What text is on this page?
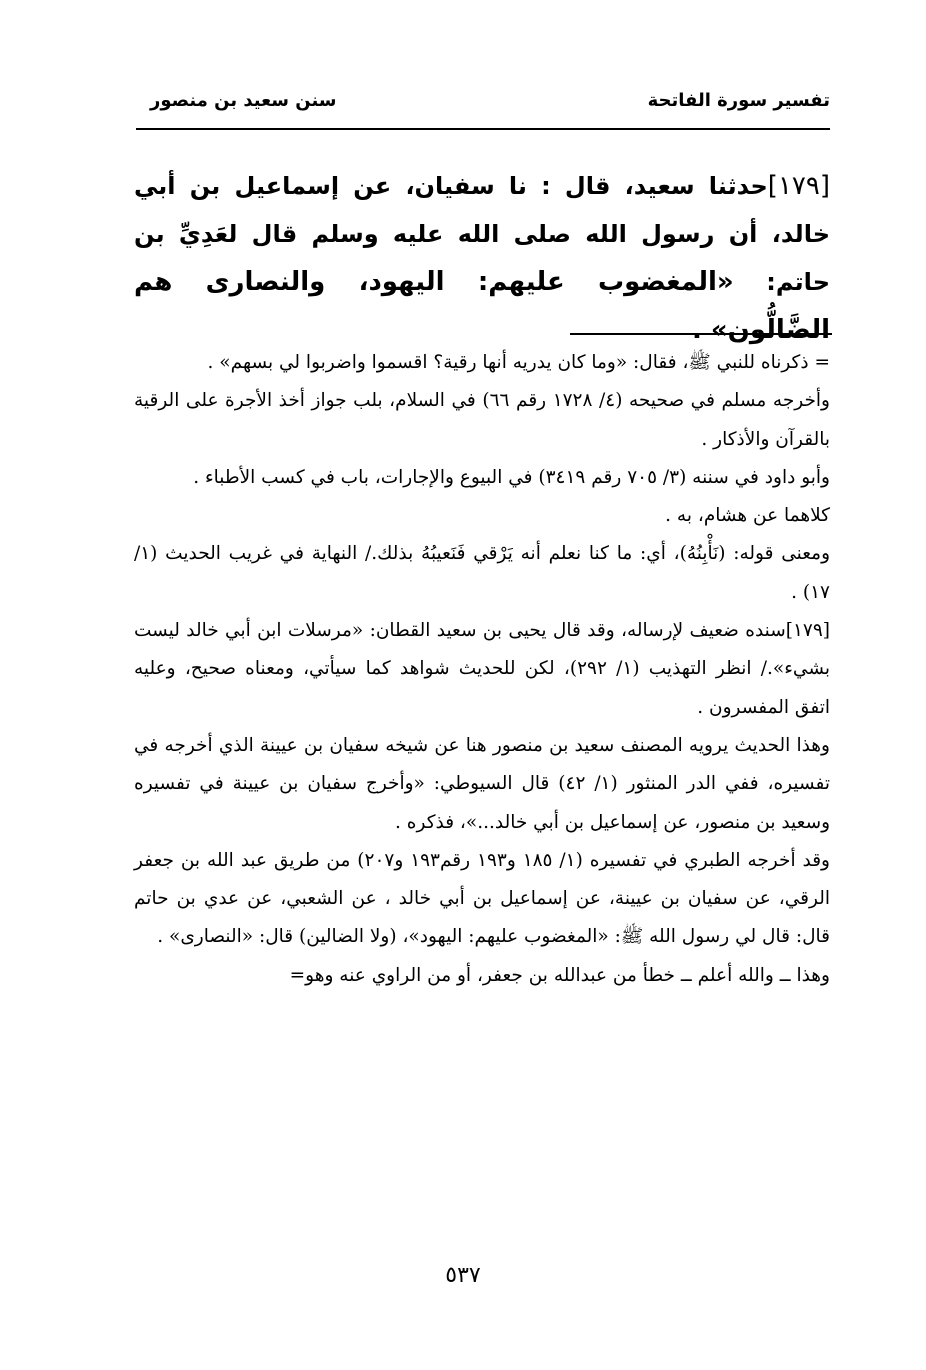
تفسير سورة الفاتحة
سنن سعيد بن منصور
[١٧٩]حدثنا سعيد، قال : نا سفيان، عن إسماعيل بن أبي خالد، أن رسول الله صلى الله عليه وسلم قال لعَدِيِّ بن حاتم: «المغضوب عليهم: اليهود، والنصارى هم الضَّالُّون» .

= ذكرناه للنبي ﷺ، فقال: «وما كان يدريه أنها رقية؟ اقسموا واضربوا لي بسهم» .

وأخرجه مسلم في صحيحه (٤/ ١٧٢٨ رقم ٦٦) في السلام، بلب جواز أخذ الأجرة على الرقية بالقرآن والأذكار .

وأبو داود في سننه (٣/ ٧٠٥ رقم ٣٤١٩) في البيوع والإجارات، باب في كسب الأطباء .

كلاهما عن هشام، به .

ومعنى قوله: (نَأْبِنُهُ)، أي: ما كنا نعلم أنه يَرْقي فَنَعيبُهُ بذلك./ النهاية في غريب الحديث (١/ ١٧) .

[١٧٩]سنده ضعيف لإرساله، وقد قال يحيى بن سعيد القطان: «مرسلات ابن أبي خالد ليست بشيء»./ انظر التهذيب (١/ ٢٩٢)، لكن للحديث شواهد كما سيأتي، ومعناه صحيح، وعليه اتفق المفسرون .

وهذا الحديث يرويه المصنف سعيد بن منصور هنا عن شيخه سفيان بن عيينة الذي أخرجه في تفسيره، ففي الدر المنثور (١/ ٤٢) قال السيوطي: «وأخرج سفيان بن عيينة في تفسيره وسعيد بن منصور، عن إسماعيل بن أبي خالد...»، فذكره .

وقد أخرجه الطبري في تفسيره (١/ ١٨٥ و١٩٣ رقم١٩٣ و٢٠٧) من طريق عبد الله بن جعفر الرقي، عن سفيان بن عيينة، عن إسماعيل بن أبي خالد ، عن الشعبي، عن عدي بن حاتم قال: قال لي رسول الله ﷺ: «المغضوب عليهم: اليهود»، (ولا الضالين) قال: «النصارى» .

وهذا ــ والله أعلم ــ خطأ من عبدالله بن جعفر، أو من الراوي عنه وهو=

٥٣٧
